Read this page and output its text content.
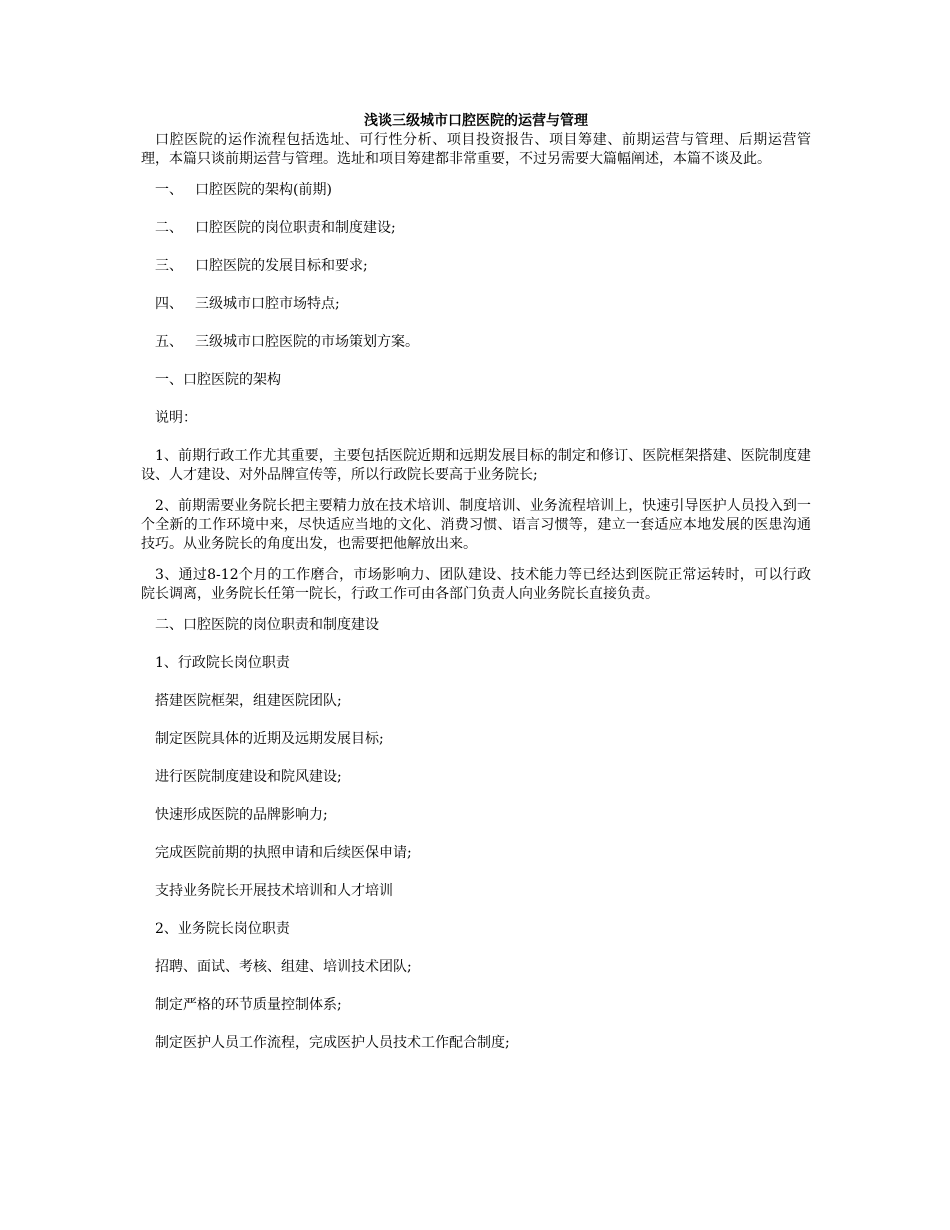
浅谈三级城市口腔医院的运营与管理

口腔医院的运作流程包括选址、可行性分析、项目投资报告、项目筹建、前期运营与管理、后期运营管理，本篇只谈前期运营与管理。选址和项目筹建都非常重要，不过另需要大篇幅阐述，本篇不谈及此。

一、 口腔医院的架构(前期)

二、 口腔医院的岗位职责和制度建设;

三、 口腔医院的发展目标和要求;

四、 三级城市口腔市场特点;

五、 三级城市口腔医院的市场策划方案。

一、口腔医院的架构

说明：

1、前期行政工作尤其重要，主要包括医院近期和远期发展目标的制定和修订、医院框架搭建、医院制度建设、人才建设、对外品牌宣传等，所以行政院长要高于业务院长;

2、前期需要业务院长把主要精力放在技术培训、制度培训、业务流程培训上，快速引导医护人员投入到一个全新的工作环境中来，尽快适应当地的文化、消费习惯、语言习惯等，建立一套适应本地发展的医患沟通技巧。从业务院长的角度出发，也需要把他解放出来。

3、通过8-12个月的工作磨合，市场影响力、团队建设、技术能力等已经达到医院正常运转时，可以行政院长调离，业务院长任第一院长，行政工作可由各部门负责人向业务院长直接负责。

二、口腔医院的岗位职责和制度建设

1、行政院长岗位职责

搭建医院框架，组建医院团队;

制定医院具体的近期及远期发展目标;

进行医院制度建设和院风建设;

快速形成医院的品牌影响力;

完成医院前期的执照申请和后续医保申请;

支持业务院长开展技术培训和人才培训

2、业务院长岗位职责

招聘、面试、考核、组建、培训技术团队;

制定严格的环节质量控制体系;

制定医护人员工作流程，完成医护人员技术工作配合制度;
